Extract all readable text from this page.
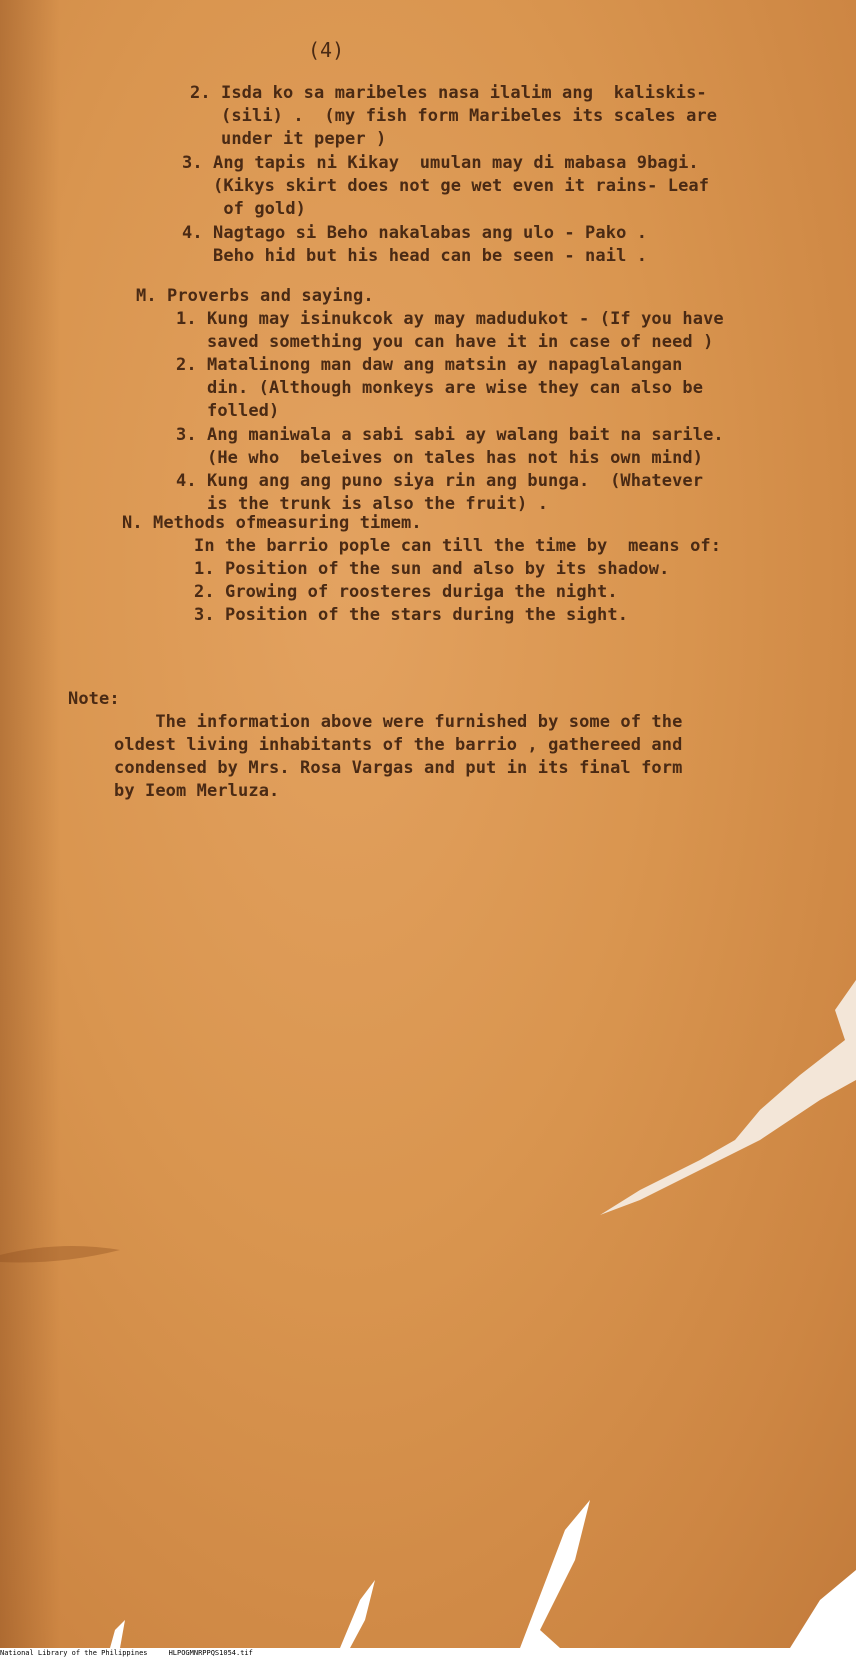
(4)
2. Isda ko sa maribeles nasa ilalim ang  kaliskis-
(sili) .  (my fish form Maribeles its scales are
under it peper )
3. Ang tapis ni Kikay  umulan may di mabasa 9bagi.
(Kikys skirt does not ge wet even it rains- Leaf
of gold)
4. Nagtago si Beho nakalabas ang ulo - Pako .
Beho hid but his head can be seen - nail .
M. Proverbs and saying.
1. Kung may isinukcok ay may madudukot - (If you have
saved something you can have it in case of need )
2. Matalinong man daw ang matsin ay napaglalangan
din. (Although monkeys are wise they can also be
folled)
3. Ang maniwala a sabi sabi ay walang bait na sarile.
(He who  beleives on tales has not his own mind)
4. Kung ang ang puno siya rin ang bunga.  (Whatever
is the trunk is also the fruit) .
N. Methods ofmeasuring timem.
In the barrio pople can till the time by  means of:
1. Position of the sun and also by its shadow.
2. Growing of roosteres duriga the night.
3. Position of the stars during the sight.
Note:
The information above were furnished by some of the
oldest living inhabitants of the barrio , gathereed and
condensed by Mrs. Rosa Vargas and put in its final form
by Ieom Merluza.
National Library of the Philippines     HLPOGMNRPPQS1054.tif
